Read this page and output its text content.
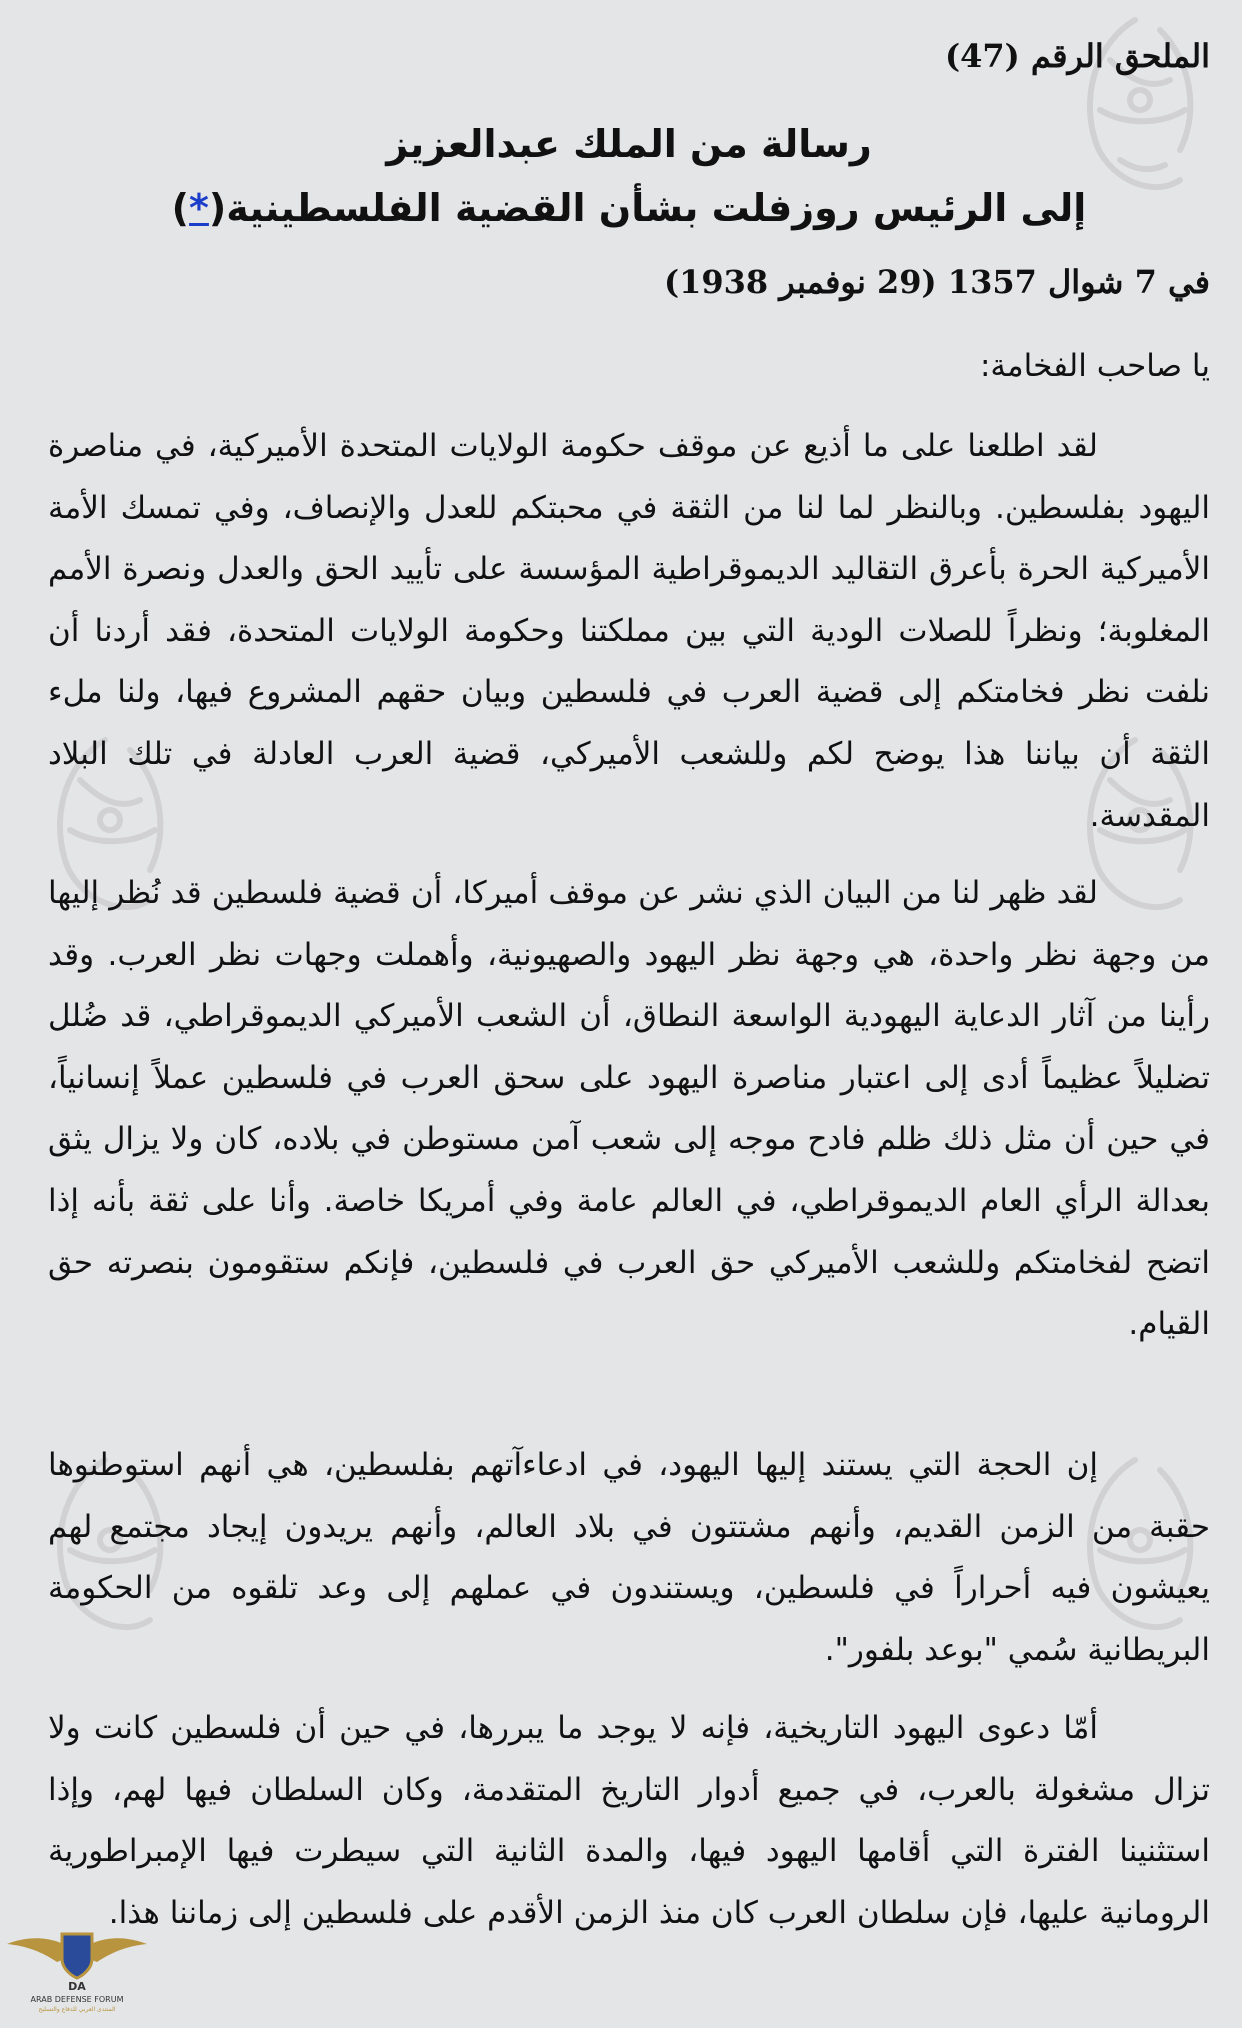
الملحق الرقم (47)

رسالة من الملك عبدالعزيز
إلى الرئيس روزفلت بشأن القضية الفلسطينية(*)

في 7 شوال 1357 (29 نوفمبر 1938)

يا صاحب الفخامة:

لقد اطلعنا على ما أذيع عن موقف حكومة الولايات المتحدة الأميركية، في مناصرة اليهود بفلسطين. وبالنظر لما لنا من الثقة في محبتكم للعدل والإنصاف، وفي تمسك الأمة الأميركية الحرة بأعرق التقاليد الديموقراطية المؤسسة على تأييد الحق والعدل ونصرة الأمم المغلوبة؛ ونظراً للصلات الودية التي بين مملكتنا وحكومة الولايات المتحدة، فقد أردنا أن نلفت نظر فخامتكم إلى قضية العرب في فلسطين وبيان حقهم المشروع فيها، ولنا ملء الثقة أن بياننا هذا يوضح لكم وللشعب الأميركي، قضية العرب العادلة في تلك البلاد المقدسة.

لقد ظهر لنا من البيان الذي نشر عن موقف أميركا، أن قضية فلسطين قد نُظر إليها من وجهة نظر واحدة، هي وجهة نظر اليهود والصهيونية، وأهملت وجهات نظر العرب. وقد رأينا من آثار الدعاية اليهودية الواسعة النطاق، أن الشعب الأميركي الديموقراطي، قد ضُلل تضليلاً عظيماً أدى إلى اعتبار مناصرة اليهود على سحق العرب في فلسطين عملاً إنسانياً، في حين أن مثل ذلك ظلم فادح موجه إلى شعب آمن مستوطن في بلاده، كان ولا يزال يثق بعدالة الرأي العام الديموقراطي، في العالم عامة وفي أمريكا خاصة. وأنا على ثقة بأنه إذا اتضح لفخامتكم وللشعب الأميركي حق العرب في فلسطين، فإنكم ستقومون بنصرته حق القيام.

إن الحجة التي يستند إليها اليهود، في ادعاءآتهم بفلسطين، هي أنهم استوطنوها حقبة من الزمن القديم، وأنهم مشتتون في بلاد العالم، وأنهم يريدون إيجاد مجتمع لهم يعيشون فيه أحراراً في فلسطين، ويستندون في عملهم إلى وعد تلقوه من الحكومة البريطانية سُمي "بوعد بلفور".

أمّا دعوى اليهود التاريخية، فإنه لا يوجد ما يبررها، في حين أن فلسطين كانت ولا تزال مشغولة بالعرب، في جميع أدوار التاريخ المتقدمة، وكان السلطان فيها لهم، وإذا استثنينا الفترة التي أقامها اليهود فيها، والمدة الثانية التي سيطرت فيها الإمبراطورية الرومانية عليها، فإن سلطان العرب كان منذ الزمن الأقدم على فلسطين إلى زماننا هذا.

DA
ARAB DEFENSE FORUM
المنتدى العربي للدفاع والتسليح
